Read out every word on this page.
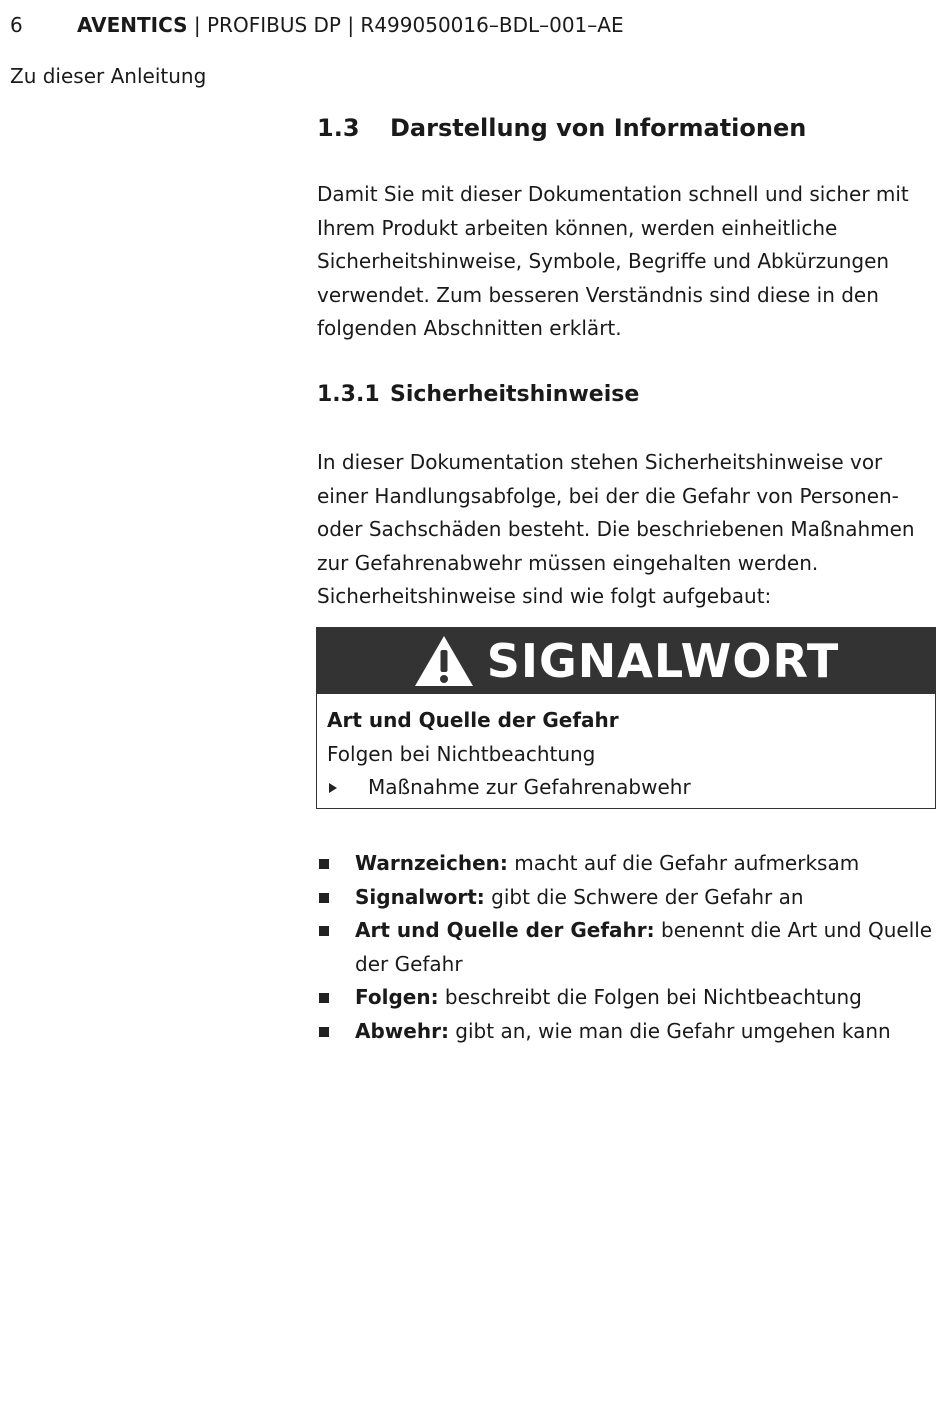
6	AVENTICS | PROFIBUS DP | R499050016–BDL–001–AE
Zu dieser Anleitung
1.3 Darstellung von Informationen

Damit Sie mit dieser Dokumentation schnell und sicher mit Ihrem Produkt arbeiten können, werden einheitliche Sicherheitshinweise, Symbole, Begriffe und Abkürzungen verwendet. Zum besseren Verständnis sind diese in den folgenden Abschnitten erklärt.

1.3.1 Sicherheitshinweise

In dieser Dokumentation stehen Sicherheitshinweise vor einer Handlungsabfolge, bei der die Gefahr von Personen- oder Sachschäden besteht. Die beschriebenen Maßnahmen zur Gefahrenabwehr müssen eingehalten werden. Sicherheitshinweise sind wie folgt aufgebaut:

SIGNALWORT
Art und Quelle der Gefahr
Folgen bei Nichtbeachtung
Maßnahme zur Gefahrenabwehr
Warnzeichen: macht auf die Gefahr aufmerksam
Signalwort: gibt die Schwere der Gefahr an
Art und Quelle der Gefahr: benennt die Art und Quelle der Gefahr
Folgen: beschreibt die Folgen bei Nichtbeachtung
Abwehr: gibt an, wie man die Gefahr umgehen kann
